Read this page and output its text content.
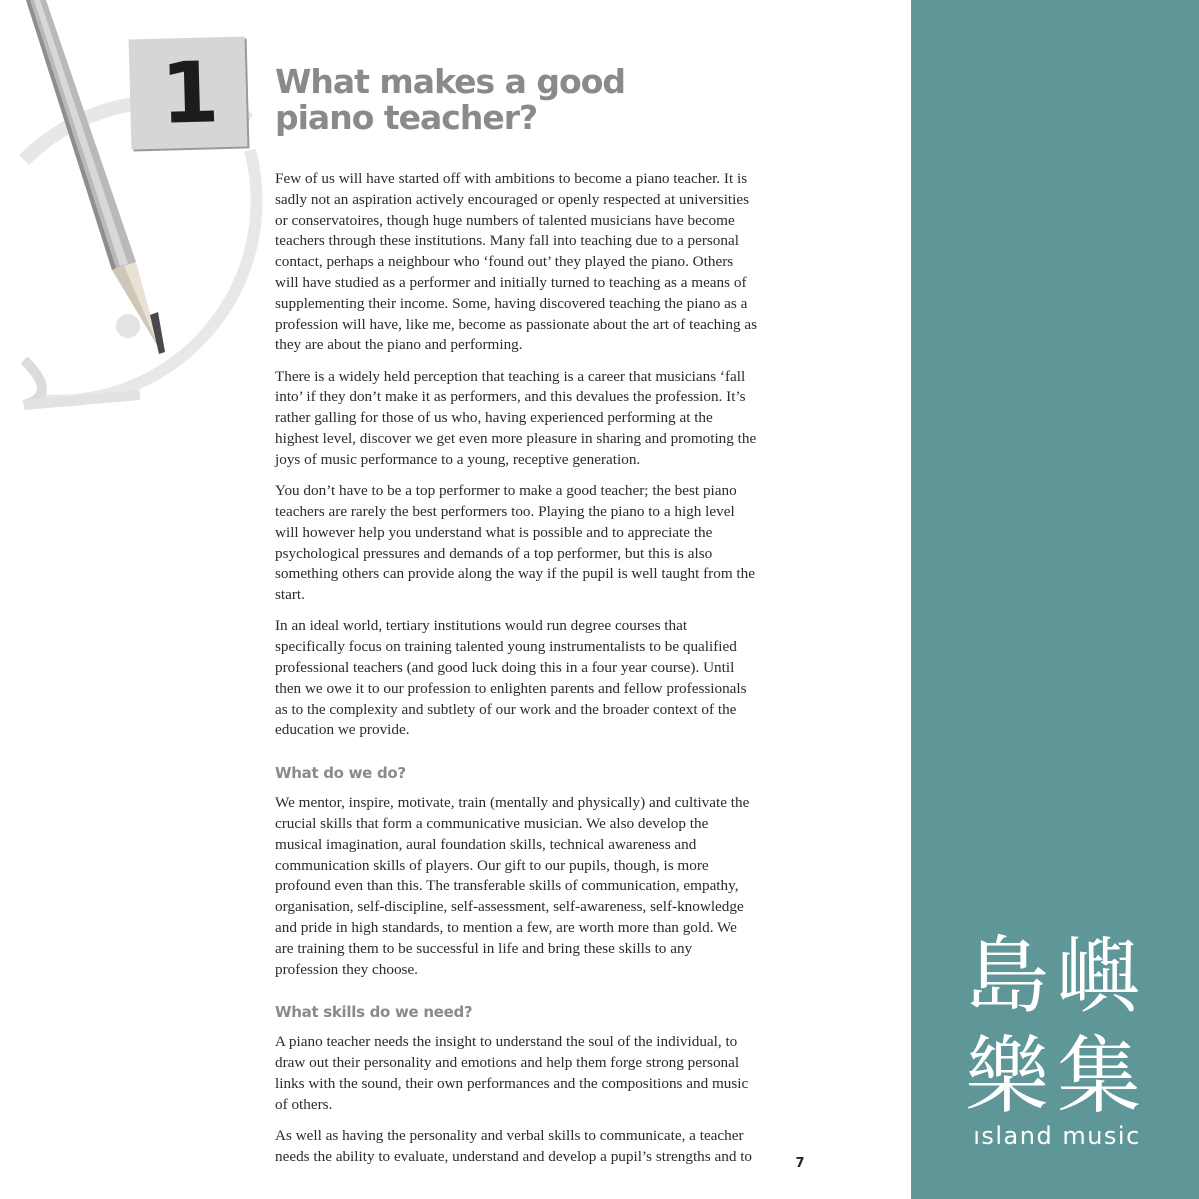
1	What makes a good
piano teacher?

Few of us will have started off with ambitions to become a piano teacher. It is sadly not an aspiration actively encouraged or openly respected at universities or conservatoires, though huge numbers of talented musicians have become teachers through these institutions. Many fall into teaching due to a personal contact, perhaps a neighbour who ‘found out’ they played the piano. Others will have studied as a performer and initially turned to teaching as a means of supplementing their income. Some, having discovered teaching the piano as a profession will have, like me, become as passionate about the art of teaching as they are about the piano and performing.

There is a widely held perception that teaching is a career that musicians ‘fall into’ if they don’t make it as performers, and this devalues the profession. It’s rather galling for those of us who, having experienced performing at the highest level, discover we get even more pleasure in sharing and promoting the joys of music performance to a young, receptive generation.

You don’t have to be a top performer to make a good teacher; the best piano teachers are rarely the best performers too. Playing the piano to a high level will however help you understand what is possible and to appreciate the psychological pressures and demands of a top performer, but this is also something others can provide along the way if the pupil is well taught from the start.

In an ideal world, tertiary institutions would run degree courses that specifically focus on training talented young instrumentalists to be qualified professional teachers (and good luck doing this in a four year course). Until then we owe it to our profession to enlighten parents and fellow professionals as to the complexity and subtlety of our work and the broader context of the education we provide.

What do we do?

We mentor, inspire, motivate, train (mentally and physically) and cultivate the crucial skills that form a communicative musician. We also develop the musical imagination, aural foundation skills, technical awareness and communication skills of players. Our gift to our pupils, though, is more profound even than this. The transferable skills of communication, empathy, organisation, self-discipline, self-assessment, self-awareness, self-knowledge and pride in high standards, to mention a few, are worth more than gold. We are training them to be successful in life and bring these skills to any profession they choose.

What skills do we need?

A piano teacher needs the insight to understand the soul of the individual, to draw out their personality and emotions and help them forge strong personal links with the sound, their own performances and the compositions and music of others.

As well as having the personality and verbal skills to communicate, a teacher needs the ability to evaluate, understand and develop a pupil’s strengths and to	7
島嶼
樂集
ısland music
